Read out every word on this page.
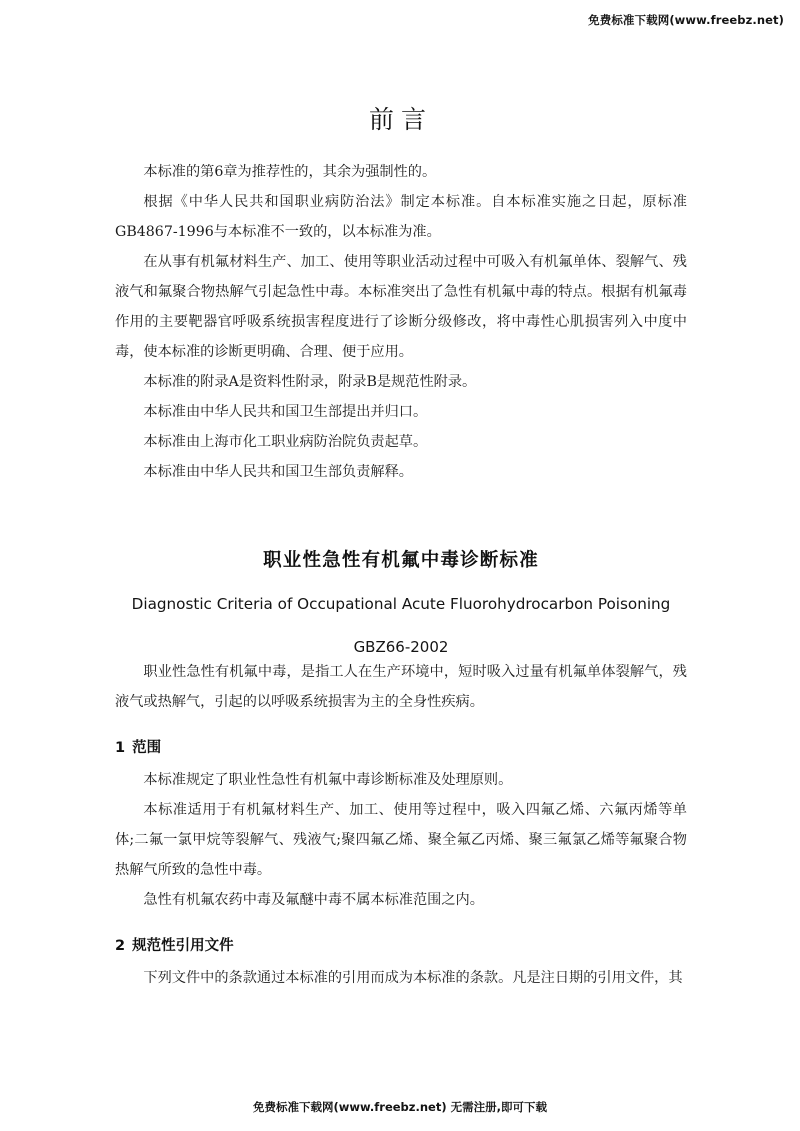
免费标准下载网(www.freebz.net)
前言

本标准的第6章为推荐性的，其余为强制性的。

根据《中华人民共和国职业病防治法》制定本标准。自本标准实施之日起，原标准GB4867-1996与本标准不一致的，以本标准为准。

在从事有机氟材料生产、加工、使用等职业活动过程中可吸入有机氟单体、裂解气、残液气和氟聚合物热解气引起急性中毒。本标准突出了急性有机氟中毒的特点。根据有机氟毒作用的主要靶器官呼吸系统损害程度进行了诊断分级修改，将中毒性心肌损害列入中度中毒，使本标准的诊断更明确、合理、便于应用。

本标准的附录A是资料性附录，附录B是规范性附录。

本标准由中华人民共和国卫生部提出并归口。

本标准由上海市化工职业病防治院负责起草。

本标准由中华人民共和国卫生部负责解释。

职业性急性有机氟中毒诊断标准

Diagnostic Criteria of Occupational Acute Fluorohydrocarbon Poisoning

GBZ66-2002

职业性急性有机氟中毒，是指工人在生产环境中，短时吸入过量有机氟单体裂解气，残液气或热解气，引起的以呼吸系统损害为主的全身性疾病。

1 范围

本标准规定了职业性急性有机氟中毒诊断标准及处理原则。

本标准适用于有机氟材料生产、加工、使用等过程中，吸入四氟乙烯、六氟丙烯等单体;二氟一氯甲烷等裂解气、残液气;聚四氟乙烯、聚全氟乙丙烯、聚三氟氯乙烯等氟聚合物热解气所致的急性中毒。

急性有机氟农药中毒及氟醚中毒不属本标准范围之内。

2 规范性引用文件

下列文件中的条款通过本标准的引用而成为本标准的条款。凡是注日期的引用文件，其

免费标准下载网(www.freebz.net) 无需注册,即可下载
